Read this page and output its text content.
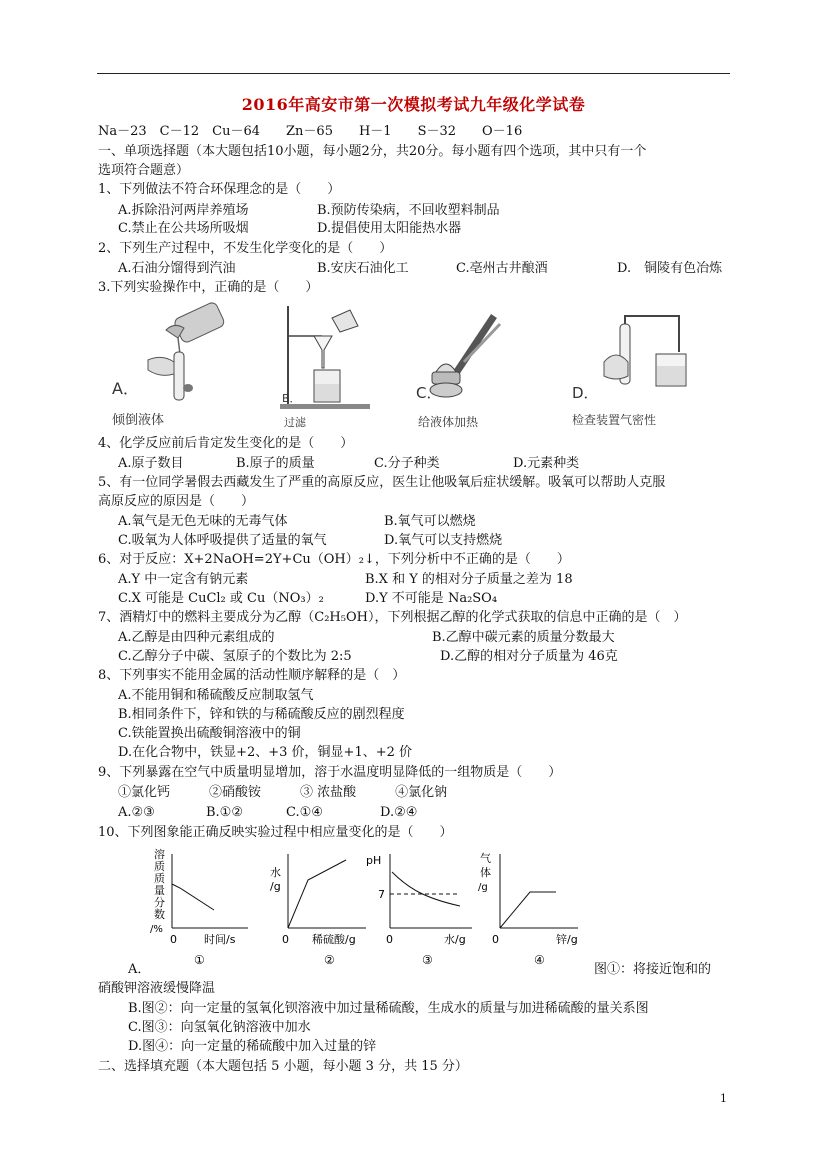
2016年高安市第一次模拟考试九年级化学试卷
Na－23　C－12　Cu－64　　Zn－65　　H－1　　S－32　　O－16
一、单项选择题（本大题包括10小题，每小题2分，共20分。每小题有四个选项，其中只有一个
选项符合题意）
1、下列做法不符合环保理念的是（　　）
A.拆除沿河两岸养殖场	B.预防传染病，不回收塑料制品
C.禁止在公共场所吸烟	D.提倡使用太阳能热水器
2、下列生产过程中，不发生化学变化的是（　　）
A.石油分馏得到汽油	B.安庆石油化工	C.亳州古井酿酒	D.　铜陵有色冶炼
3.下列实验操作中，正确的是（　　）
A．
倾倒液体
B．
过滤
C．
给液体加热
D．
检查装置气密性
4、化学反应前后肯定发生变化的是（　　）
A.原子数目	B.原子的质量	C.分子种类	D.元素种类
5、有一位同学暑假去西藏发生了严重的高原反应，医生让他吸氧后症状缓解。吸氧可以帮助人克服
高原反应的原因是（　　）
A.氧气是无色无味的无毒气体	B.氧气可以燃烧
C.吸氧为人体呼吸提供了适量的氧气	D.氧气可以支持燃烧
6、对于反应：X+2NaOH=2Y+Cu（OH）₂↓，下列分析中不正确的是（　　）
A.Y 中一定含有钠元素	B.X 和 Y 的相对分子质量之差为 18
C.X 可能是 CuCl₂ 或 Cu（NO₃）₂	D.Y 不可能是 Na₂SO₄
7、酒精灯中的燃料主要成分为乙醇（C₂H₅OH），下列根据乙醇的化学式获取的信息中正确的是（　）
A.乙醇是由四种元素组成的	B.乙醇中碳元素的质量分数最大
C.乙醇分子中碳、氢原子的个数比为 2:5	D.乙醇的相对分子质量为 46克
8、下列事实不能用金属的活动性顺序解释的是（　）
A.不能用铜和稀硫酸反应制取氢气
B.相同条件下，锌和铁的与稀硫酸反应的剧烈程度
C.铁能置换出硫酸铜溶液中的铜
D.在化合物中，铁显+2、+3 价，铜显+1、+2 价
9、下列暴露在空气中质量明显增加，溶于水温度明显降低的一组物质是（　　）
①氯化钙　　　②硝酸铵　　　③ 浓盐酸　　　④氯化钠
A.②③	B.①②	C.①④	D.②④
10、下列图象能正确反映实验过程中相应量变化的是（　　）
溶
质
质
量
分
数
/%
0 时间/s
①
水
/g
0 稀硫酸/g
②
pH
7
0	水/g
③
气
体
/g
0	锌/g
④
A．	图①：将接近饱和的
硝酸钾溶液缓慢降温
B.图②：向一定量的氢氧化钡溶液中加过量稀硫酸，生成水的质量与加进稀硫酸的量关系图
C.图③：向氢氧化钠溶液中加水
D.图④：向一定量的稀硫酸中加入过量的锌
二、选择填充题（本大题包括 5 小题，每小题 3 分，共 15 分）
1
